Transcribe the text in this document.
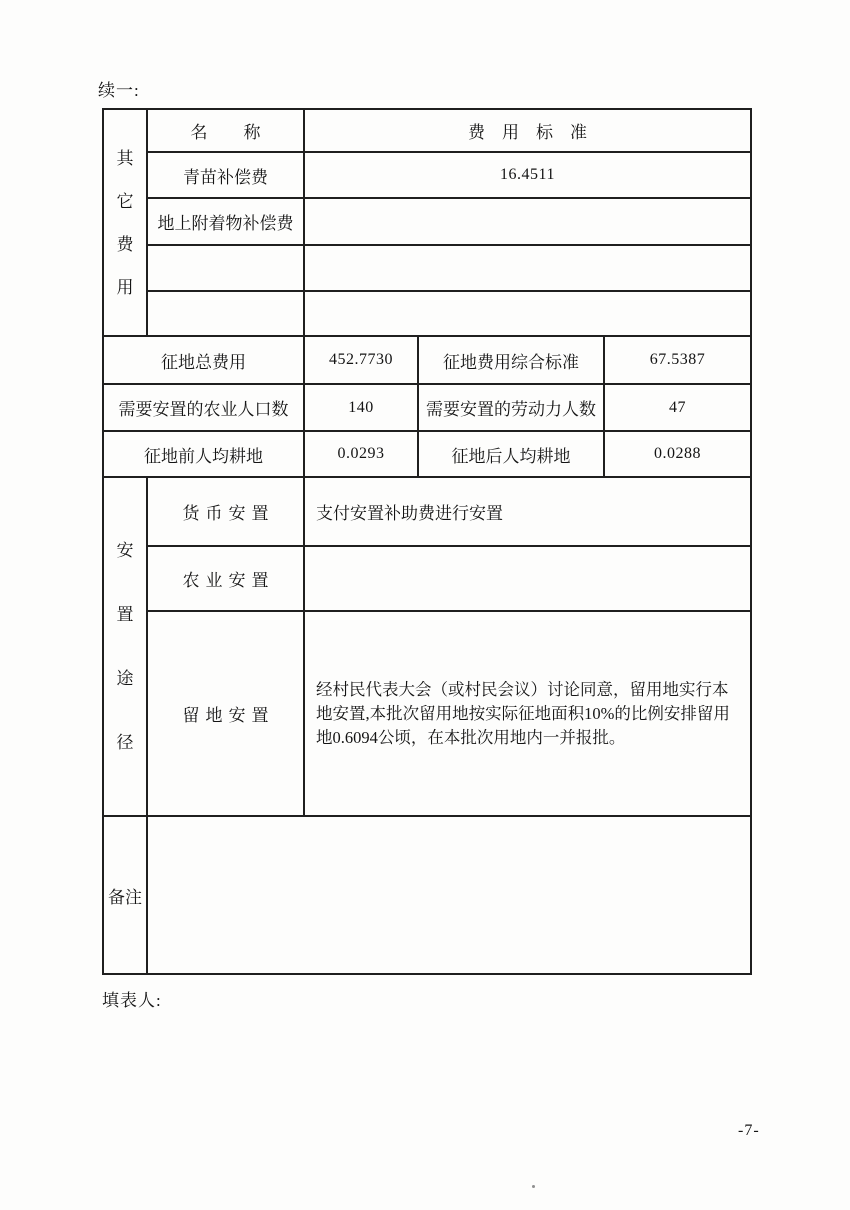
续一:
其
它
费
用
名称	费用标准
青苗补偿费	16.4511
地上附着物补偿费
征地总费用	452.7730	征地费用综合标准	67.5387
需要安置的农业人口数	140	需要安置的劳动力人数	47
征地前人均耕地	0.0293	征地后人均耕地	0.0288
安
置
途
径
货币安置	支付安置补助费进行安置
农业安置
留地安置
经村民代表大会（或村民会议）讨论同意，留用地实行本
地安置,本批次留用地按实际征地面积10%的比例安排留用
地0.6094公顷，在本批次用地内一并报批。
备注
填表人:
-7-
